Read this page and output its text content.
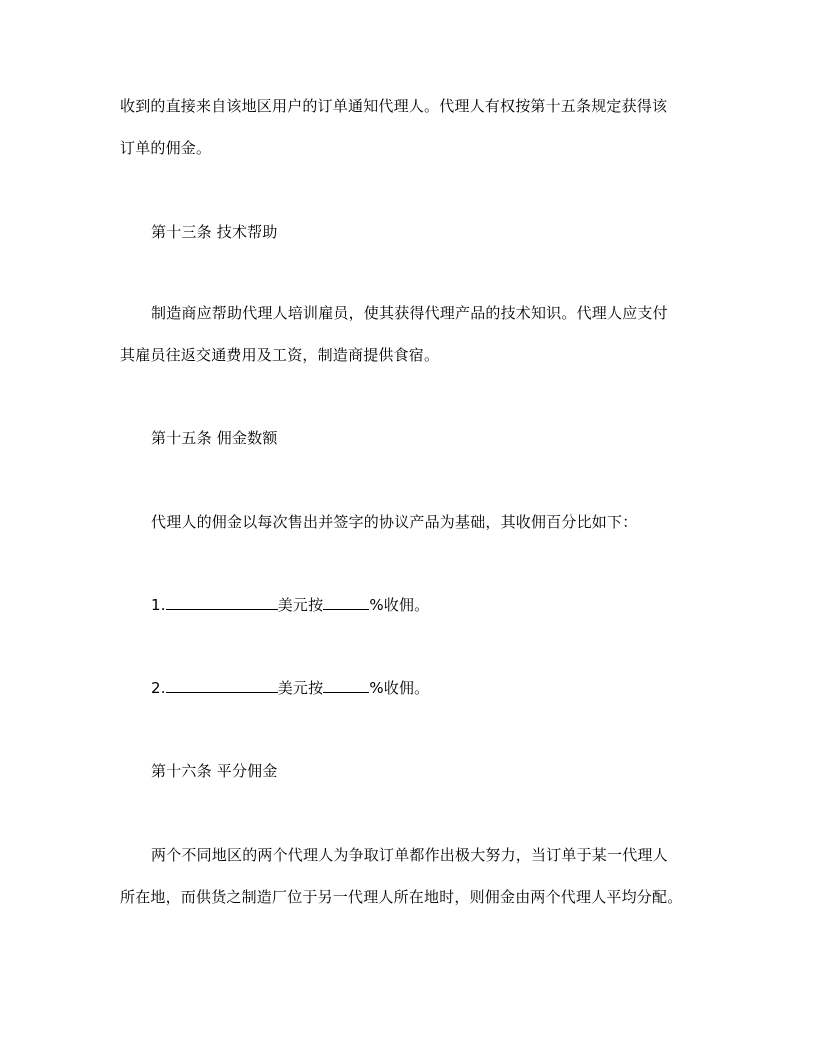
收到的直接来自该地区用户的订单通知代理人。代理人有权按第十五条规定获得该
订单的佣金。
第十三条 技术帮助
制造商应帮助代理人培训雇员，使其获得代理产品的技术知识。代理人应支付
其雇员往返交通费用及工资，制造商提供食宿。
第十五条 佣金数额
代理人的佣金以每次售出并签字的协议产品为基础，其收佣百分比如下：
1.	美元按	%收佣。
2.	美元按	%收佣。
第十六条 平分佣金
两个不同地区的两个代理人为争取订单都作出极大努力，当订单于某一代理人
所在地，而供货之制造厂位于另一代理人所在地时，则佣金由两个代理人平均分配。
